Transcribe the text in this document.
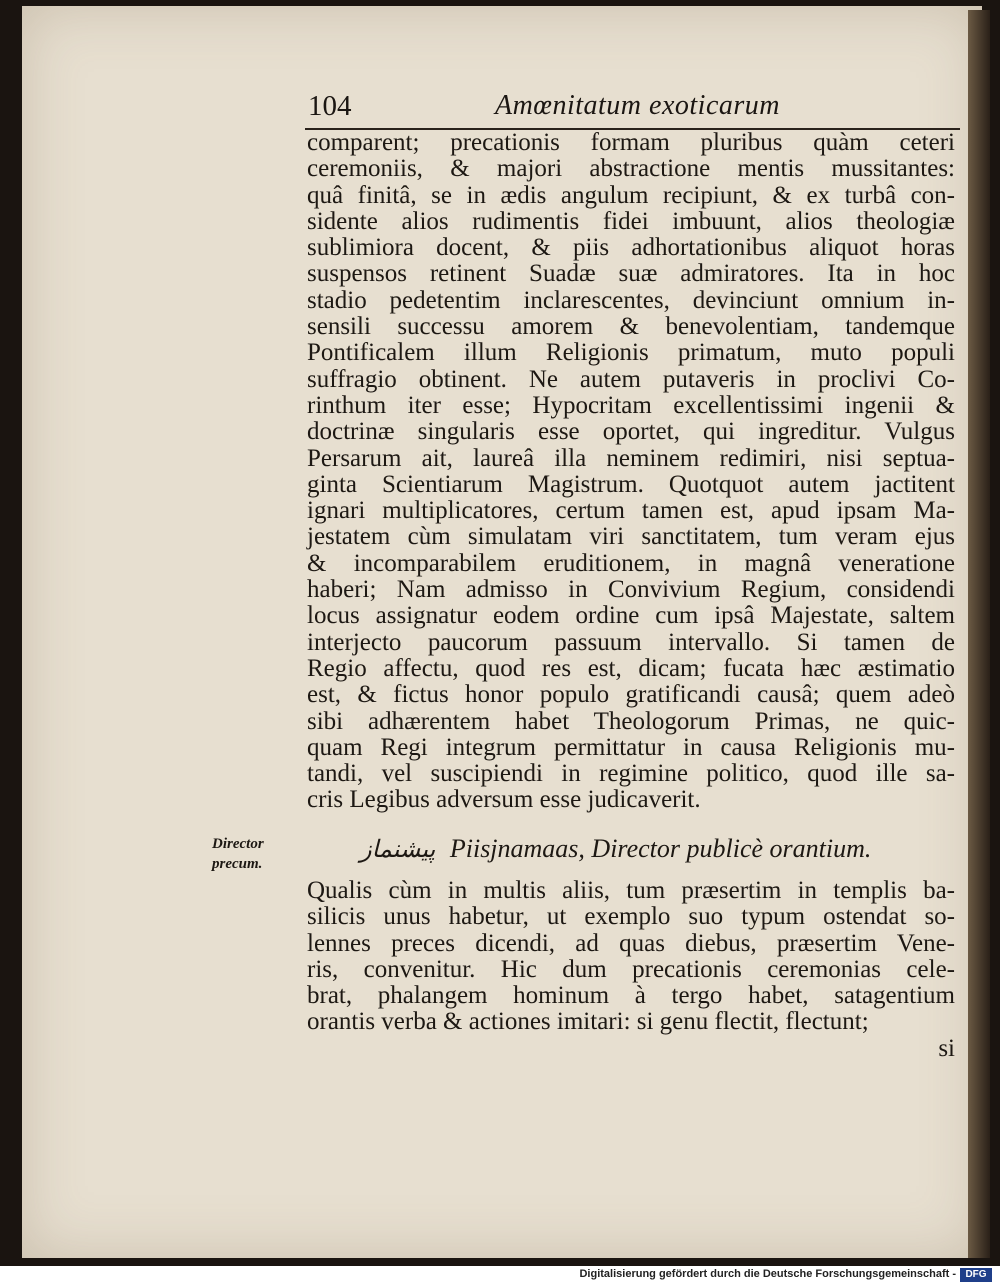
104	Amœnitatum exoticarum
comparent; precationis formam pluribus quàm ceteri
ceremoniis, & majori abstractione mentis mussitantes:
quâ finitâ, se in ædis angulum recipiunt, & ex turbâ con-
sidente alios rudimentis fidei imbuunt, alios theologiæ
sublimiora docent, & piis adhortationibus aliquot horas
suspensos retinent Suadæ suæ admiratores. Ita in hoc
stadio pedetentim inclarescentes, devinciunt omnium in-
sensili successu amorem & benevolentiam, tandemque
Pontificalem illum Religionis primatum, muto populi
suffragio obtinent. Ne autem putaveris in proclivi Co-
rinthum iter esse; Hypocritam excellentissimi ingenii &
doctrinæ singularis esse oportet, qui ingreditur. Vulgus
Persarum ait, laureâ illa neminem redimiri, nisi septua-
ginta Scientiarum Magistrum. Quotquot autem jactitent
ignari multiplicatores, certum tamen est, apud ipsam Ma-
jestatem cùm simulatam viri sanctitatem, tum veram ejus
& incomparabilem eruditionem, in magnâ veneratione
haberi; Nam admisso in Convivium Regium, considendi
locus assignatur eodem ordine cum ipsâ Majestate, saltem
interjecto paucorum passuum intervallo. Si tamen de
Regio affectu, quod res est, dicam; fucata hæc æstimatio
est, & fictus honor populo gratificandi causâ; quem adeò
sibi adhærentem habet Theologorum Primas, ne quic-
quam Regi integrum permittatur in causa Religionis mu-
tandi, vel suscipiendi in regimine politico, quod ille sa-
cris Legibus adversum esse judicaverit.
Director
precum.
پیشنماز Piisjnamaas, Director publicè orantium.
Qualis cùm in multis aliis, tum præsertim in templis ba-
silicis unus habetur, ut exemplo suo typum ostendat so-
lennes preces dicendi, ad quas diebus, præsertim Vene-
ris, convenitur. Hic dum precationis ceremonias cele-
brat, phalangem hominum à tergo habet, satagentium
orantis verba & actiones imitari: si genu flectit, flectunt;
si
Digitalisierung gefördert durch die Deutsche Forschungsgemeinschaft - DFG
